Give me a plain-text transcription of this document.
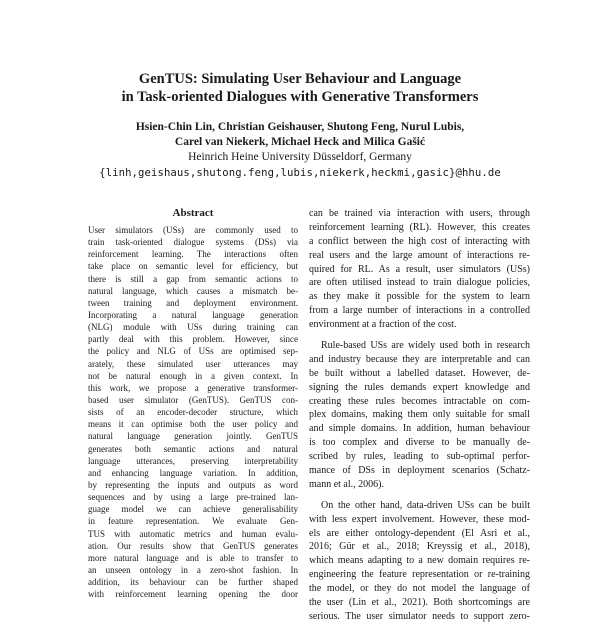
GenTUS: Simulating User Behaviour and Language
in Task-oriented Dialogues with Generative Transformers
Hsien-Chin Lin, Christian Geishauser, Shutong Feng, Nurul Lubis,
Carel van Niekerk, Michael Heck and Milica Gašić
Heinrich Heine University Düsseldorf, Germany
{linh,geishaus,shutong.feng,lubis,niekerk,heckmi,gasic}@hhu.de
Abstract
User simulators (USs) are commonly used to
train task-oriented dialogue systems (DSs) via
reinforcement learning. The interactions often
take place on semantic level for efficiency, but
there is still a gap from semantic actions to
natural language, which causes a mismatch be-
tween training and deployment environment.
Incorporating a natural language generation
(NLG) module with USs during training can
partly deal with this problem. However, since
the policy and NLG of USs are optimised sep-
arately, these simulated user utterances may
not be natural enough in a given context. In
this work, we propose a generative transformer-
based user simulator (GenTUS). GenTUS con-
sists of an encoder-decoder structure, which
means it can optimise both the user policy and
natural language generation jointly. GenTUS
generates both semantic actions and natural
language utterances, preserving interpretability
and enhancing language variation. In addition,
by representing the inputs and outputs as word
sequences and by using a large pre-trained lan-
guage model we can achieve generalisability
in feature representation. We evaluate Gen-
TUS with automatic metrics and human evalu-
ation. Our results show that GenTUS generates
more natural language and is able to transfer to
an unseen ontology in a zero-shot fashion. In
addition, its behaviour can be further shaped
with reinforcement learning opening the door
can be trained via interaction with users, through
reinforcement learning (RL). However, this creates
a conflict between the high cost of interacting with
real users and the large amount of interactions re-
quired for RL. As a result, user simulators (USs)
are often utilised instead to train dialogue policies,
as they make it possible for the system to learn
from a large number of interactions in a controlled
environment at a fraction of the cost.
Rule-based USs are widely used both in research
and industry because they are interpretable and can
be built without a labelled dataset. However, de-
signing the rules demands expert knowledge and
creating these rules becomes intractable on com-
plex domains, making them only suitable for small
and simple domains. In addition, human behaviour
is too complex and diverse to be manually de-
scribed by rules, leading to sub-optimal perfor-
mance of DSs in deployment scenarios (Schatz-
mann et al., 2006).
On the other hand, data-driven USs can be built
with less expert involvement. However, these mod-
els are either ontology-dependent (El Asri et al.,
2016; Gür et al., 2018; Kreyssig et al., 2018),
which means adapting to a new domain requires re-
engineering the feature representation or re-training
the model, or they do not model the language of
the user (Lin et al., 2021). Both shortcomings are
serious. The user simulator needs to support zero-
